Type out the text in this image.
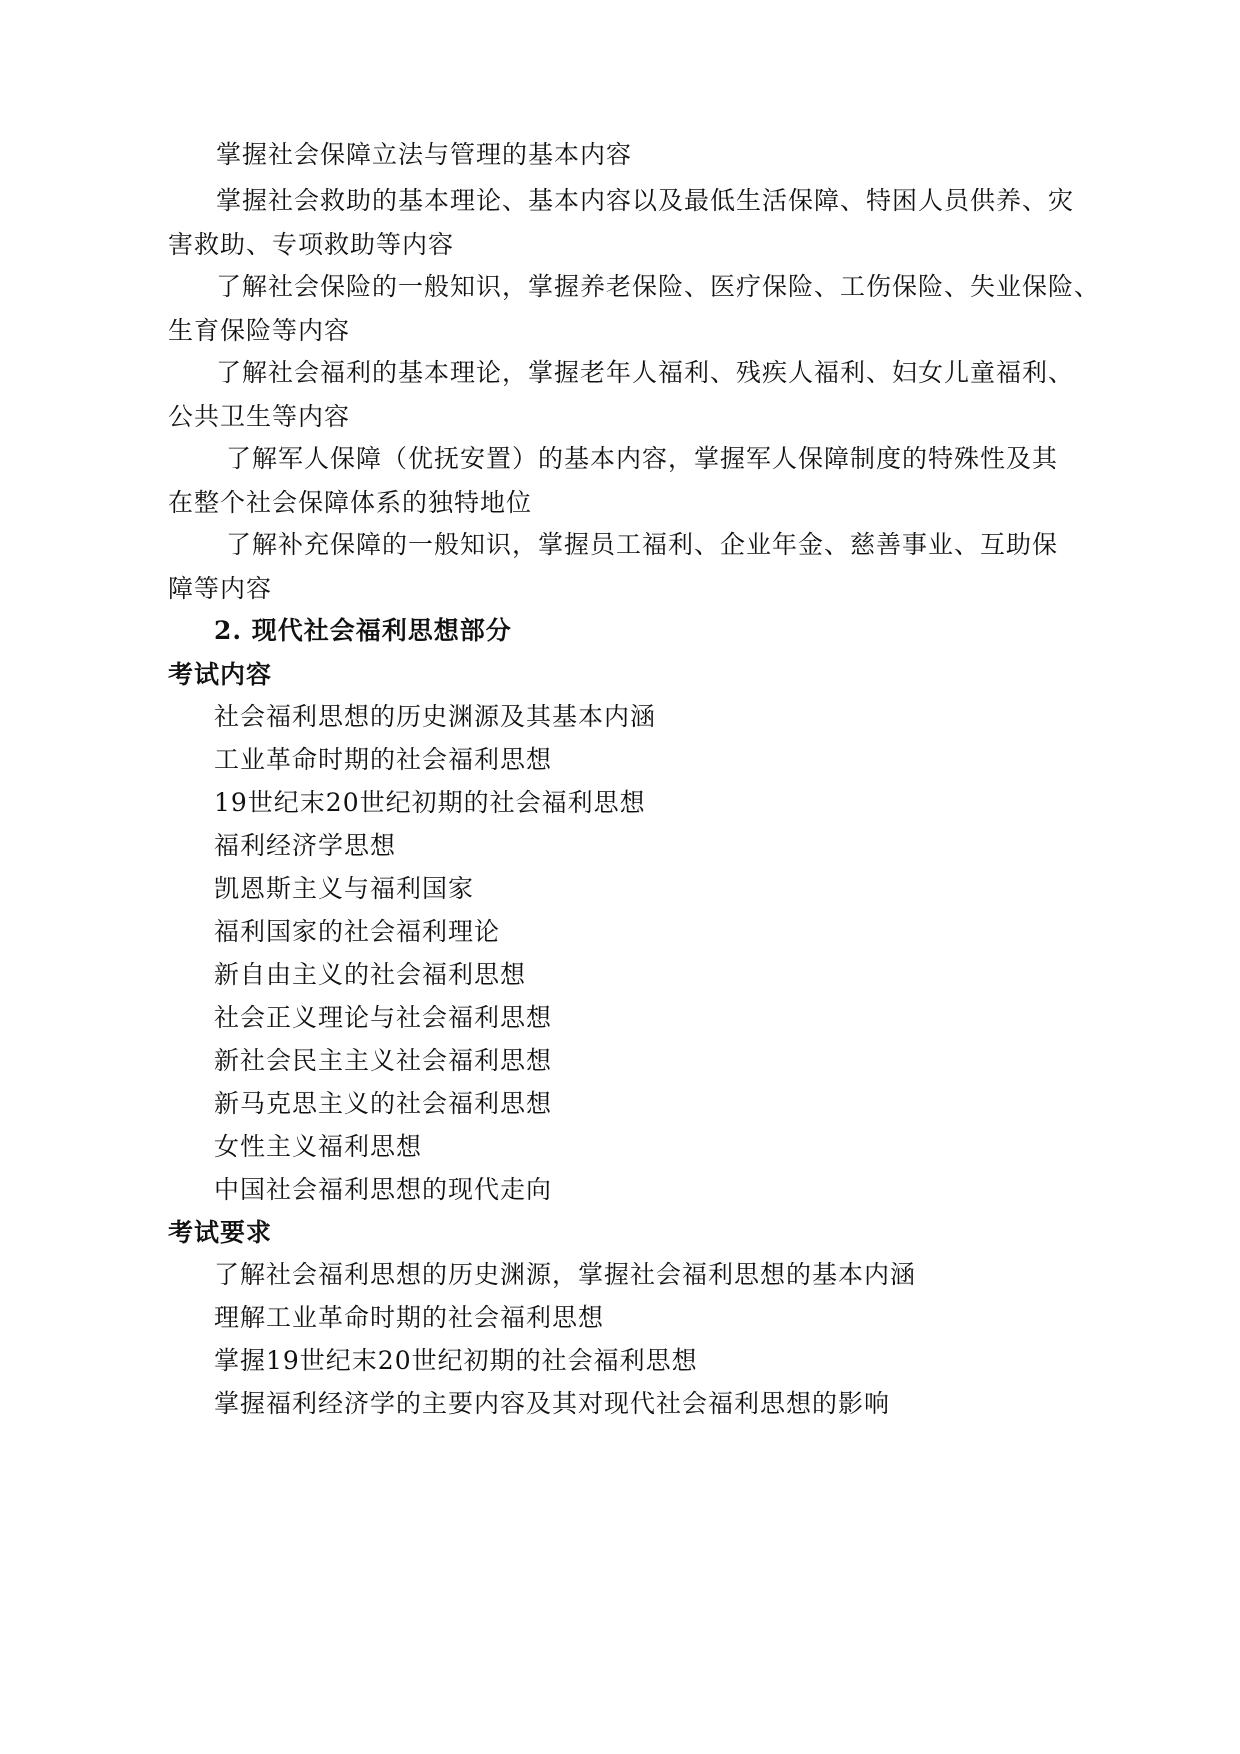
掌握社会保障立法与管理的基本内容
掌握社会救助的基本理论、基本内容以及最低生活保障、特困人员供养、灾
害救助、专项救助等内容
了解社会保险的一般知识，掌握养老保险、医疗保险、工伤保险、失业保险、
生育保险等内容
了解社会福利的基本理论，掌握老年人福利、残疾人福利、妇女儿童福利、
公共卫生等内容
了解军人保障（优抚安置）的基本内容，掌握军人保障制度的特殊性及其
在整个社会保障体系的独特地位
了解补充保障的一般知识，掌握员工福利、企业年金、慈善事业、互助保
障等内容
2. 现代社会福利思想部分
考试内容
社会福利思想的历史渊源及其基本内涵
工业革命时期的社会福利思想
19世纪末20世纪初期的社会福利思想
福利经济学思想
凯恩斯主义与福利国家
福利国家的社会福利理论
新自由主义的社会福利思想
社会正义理论与社会福利思想
新社会民主主义社会福利思想
新马克思主义的社会福利思想
女性主义福利思想
中国社会福利思想的现代走向
考试要求
了解社会福利思想的历史渊源，掌握社会福利思想的基本内涵
理解工业革命时期的社会福利思想
掌握19世纪末20世纪初期的社会福利思想
掌握福利经济学的主要内容及其对现代社会福利思想的影响
